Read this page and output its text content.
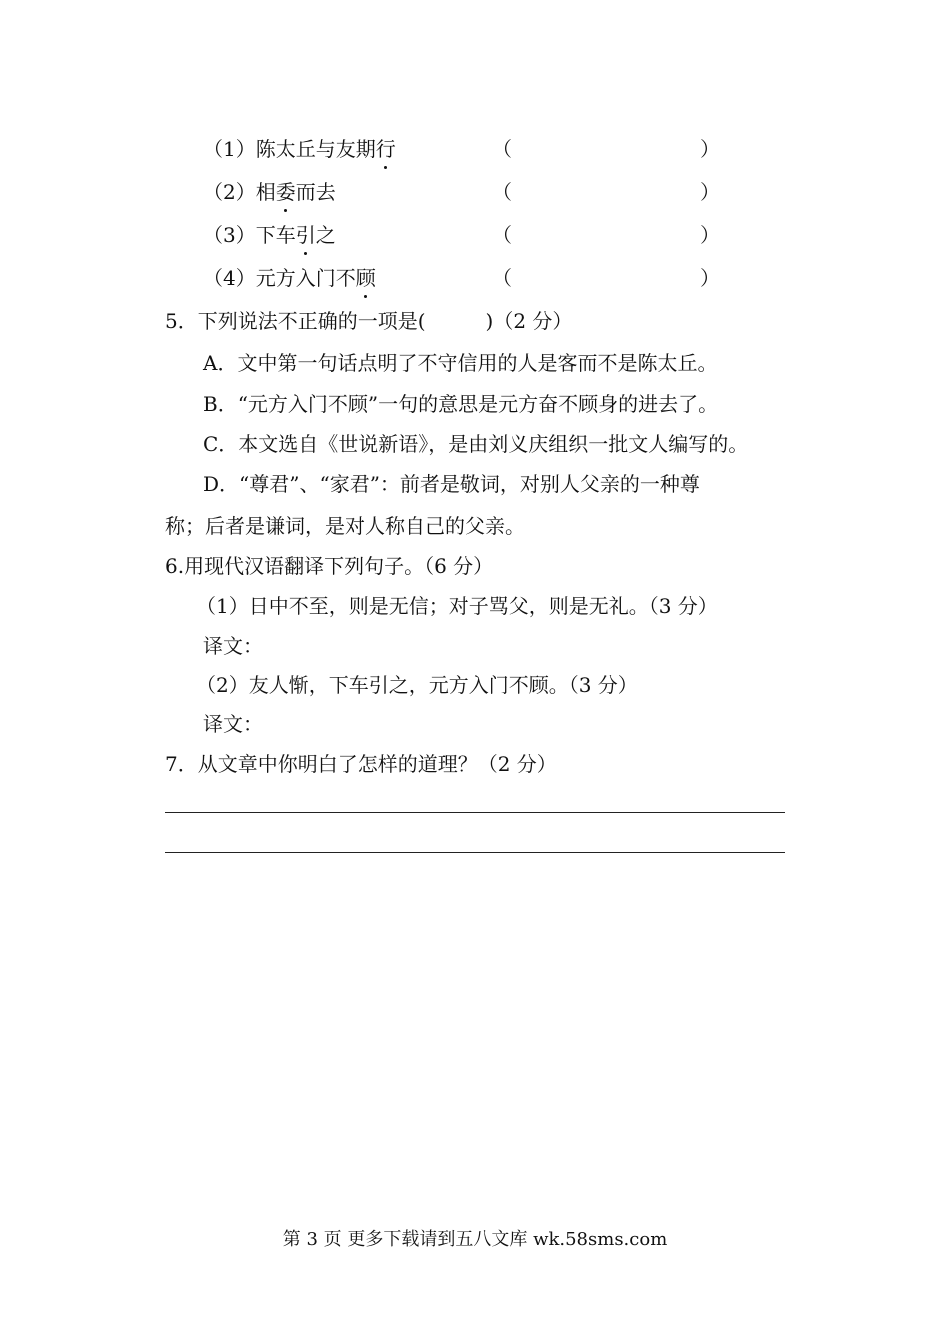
（1）陈太丘与友期行	（	）
（2）相委而去	（	）
（3）下车引之	（	）
（4）元方入门不顾	（	）
5．下列说法不正确的一项是(　　　)（2 分）
A．文中第一句话点明了不守信用的人是客而不是陈太丘。
B．“元方入门不顾”一句的意思是元方奋不顾身的进去了。
C．本文选自《世说新语》，是由刘义庆组织一批文人编写的。
D．“尊君”、“家君”：前者是敬词，对别人父亲的一种尊
称；后者是谦词，是对人称自己的父亲。
6.用现代汉语翻译下列句子。（6 分）
（1）日中不至，则是无信；对子骂父，则是无礼。（3 分）
译文：
（2）友人惭，下车引之，元方入门不顾。（3 分）
译文：
7．从文章中你明白了怎样的道理？（2 分）
第 3 页 更多下载请到五八文库 wk.58sms.com
